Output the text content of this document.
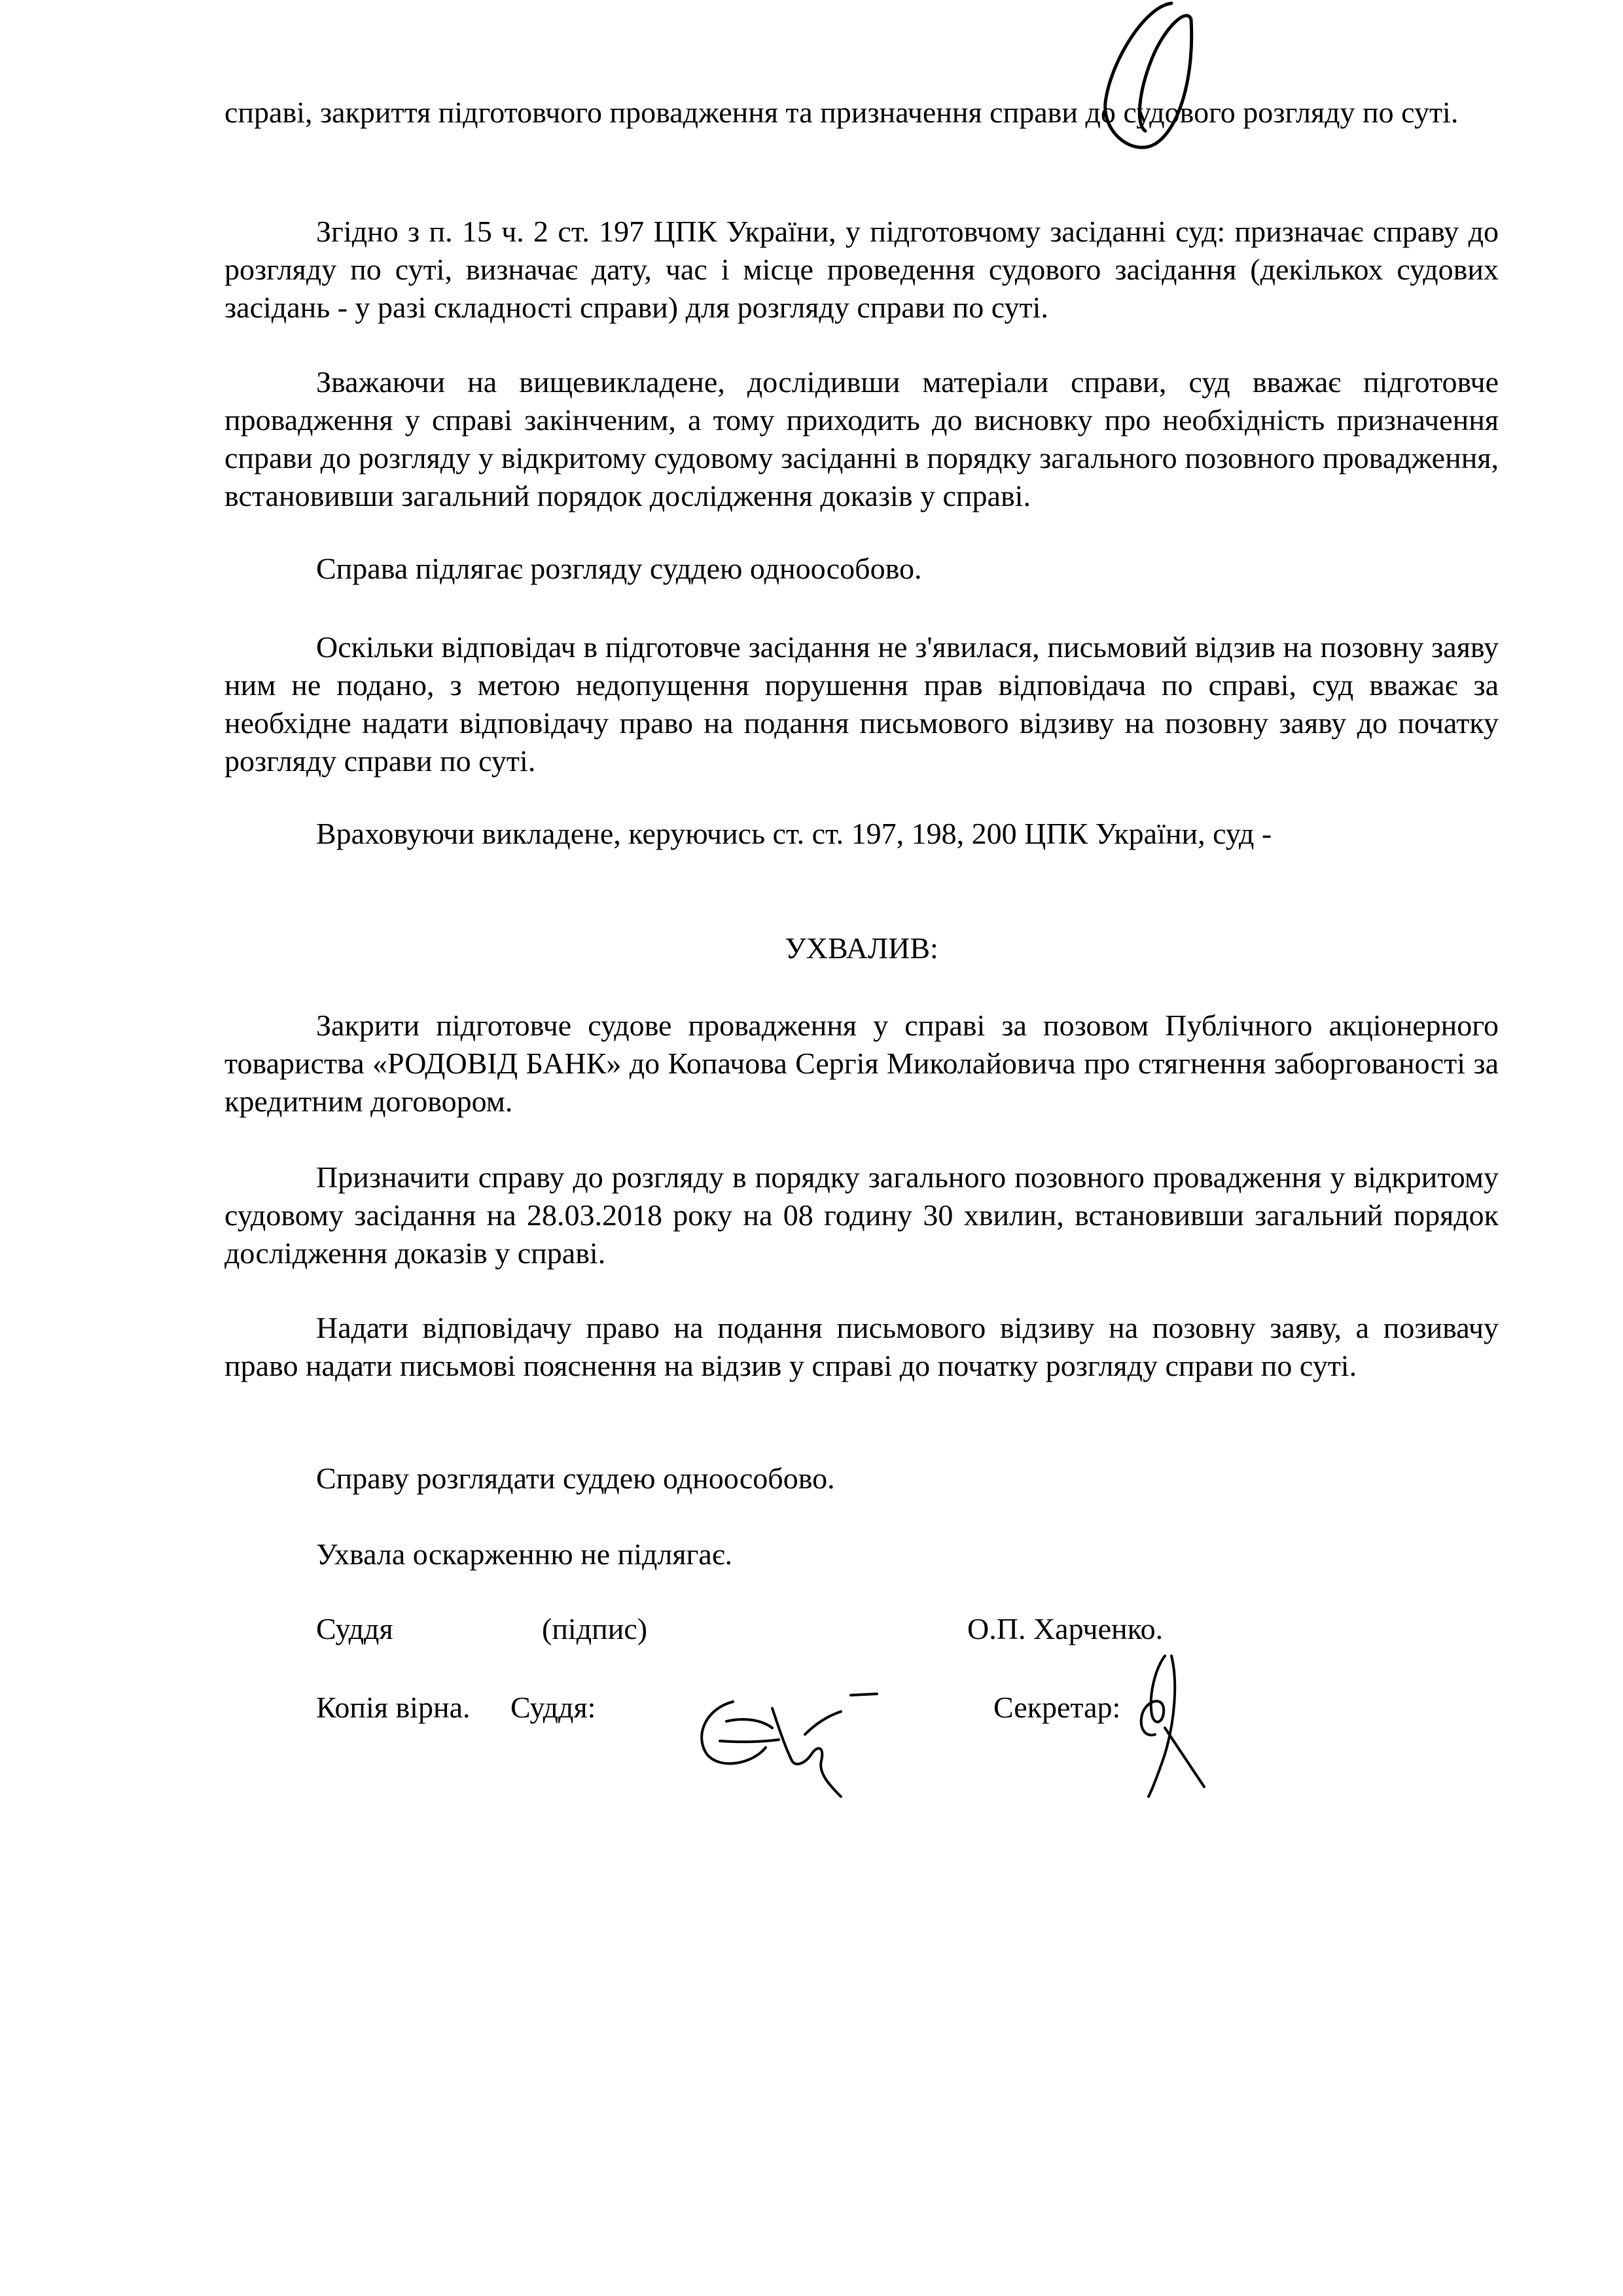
справі, закриття підготовчого провадження та призначення справи до судового розгляду по суті.

Згідно з п. 15 ч. 2 ст. 197 ЦПК України, у підготовчому засіданні суд: призначає справу до розгляду по суті, визначає дату, час і місце проведення судового засідання (декількох судових засідань - у разі складності справи) для розгляду справи по суті.

Зважаючи на вищевикладене, дослідивши матеріали справи, суд вважає підготовче провадження у справі закінченим, а тому приходить до висновку про необхідність призначення справи до розгляду у відкритому судовому засіданні в порядку загального позовного провадження, встановивши загальний порядок дослідження доказів у справі.

Справа підлягає розгляду суддею одноособово.

Оскільки відповідач в підготовче засідання не з'явилася, письмовий відзив на позовну заяву ним не подано, з метою недопущення порушення прав відповідача по справі, суд вважає за необхідне надати відповідачу право на подання письмового відзиву на позовну заяву до початку розгляду справи по суті.

Враховуючи викладене, керуючись ст. ст. 197, 198, 200 ЦПК України, суд -

УХВАЛИВ:

Закрити підготовче судове провадження у справі за позовом Публічного акціонерного товариства «РОДОВІД БАНК» до Копачова Сергія Миколайовича про стягнення заборгованості за кредитним договором.

Призначити справу до розгляду в порядку загального позовного провадження у відкритому судовому засідання на 28.03.2018 року на 08 годину 30 хвилин, встановивши загальний порядок дослідження доказів у справі.

Надати відповідачу право на подання письмового відзиву на позовну заяву, а позивачу право надати письмові пояснення на відзив у справі до початку розгляду справи по суті.

Справу розглядати суддею одноособово.

Ухвала оскарженню не підлягає.

Суддя	(підпис)	О.П. Харченко.

Копія вірна. Суддя:	Секретар:
